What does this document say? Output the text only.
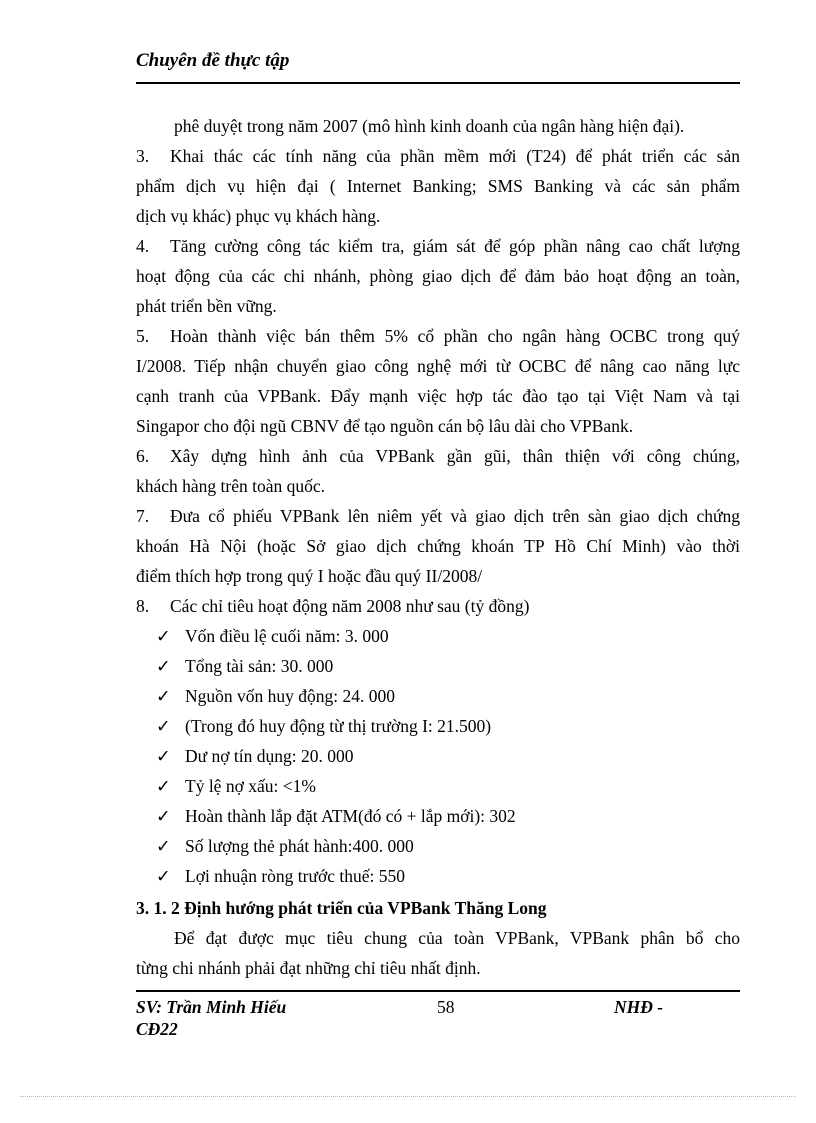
Chuyên đề thực tập
phê duyệt trong năm 2007 (mô hình kinh doanh của ngân hàng hiện đại).
3. Khai thác các tính năng của phần mềm mới (T24) để phát triển các sản
phẩm dịch vụ hiện đại ( Internet Banking; SMS Banking và các sản phẩm
dịch vụ khác) phục vụ khách hàng.
4. Tăng cường công tác kiểm tra, giám sát để góp phần nâng cao chất lượng
hoạt động của các chi nhánh, phòng giao dịch để đảm bảo hoạt động an toàn,
phát triển bền vững.
5. Hoàn thành việc bán thêm 5% cổ phần cho ngân hàng OCBC trong quý
I/2008. Tiếp nhận chuyển giao công nghệ mới từ OCBC để nâng cao năng lực
cạnh tranh của VPBank. Đẩy mạnh việc hợp tác đào tạo tại Việt Nam và tại
Singapor cho đội ngũ CBNV để tạo nguồn cán bộ lâu dài cho VPBank.
6. Xây dựng hình ảnh của VPBank gần gũi, thân thiện với công chúng,
khách hàng trên toàn quốc.
7. Đưa cổ phiếu VPBank lên niêm yết và giao dịch trên sàn giao dịch chứng
khoán Hà Nội (hoặc Sở giao dịch chứng khoán TP Hồ Chí Minh) vào thời
điểm thích hợp trong quý I hoặc đầu quý II/2008/
8. Các chỉ tiêu hoạt động năm 2008 như sau (tỷ đồng)
✓ Vốn điều lệ cuối năm: 3. 000
✓ Tổng tài sản: 30. 000
✓ Nguồn vốn huy động: 24. 000
✓ (Trong đó huy động từ thị trường I: 21.500)
✓ Dư nợ tín dụng: 20. 000
✓ Tỷ lệ nợ xấu: <1%
✓ Hoàn thành lắp đặt ATM(đó có + lắp mới): 302
✓ Số lượng thẻ phát hành:400. 000
✓ Lợi nhuận ròng trước thuế: 550
3. 1. 2 Định hướng phát triển của VPBank Thăng Long
Để đạt được mục tiêu chung của toàn VPBank, VPBank phân bổ cho
từng chi nhánh phải đạt những chỉ tiêu nhất định.
SV: Trần Minh Hiếu
CĐ22
58	NHĐ -
